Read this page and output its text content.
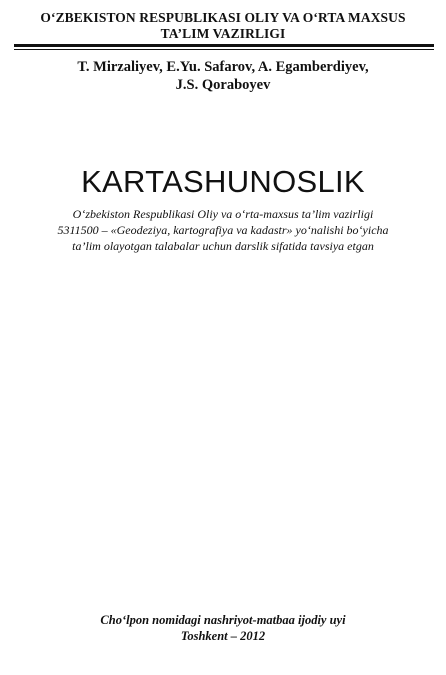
O‘ZBEKISTON RESPUBLIKASI OLIY VA O‘RTA MAXSUS
TA’LIM VAZIRLIGI
T. Mirzaliyev, E.Yu. Safarov, A. Egamberdiyev,
J.S. Qoraboyev
KARTASHUNOSLIK
O‘zbekiston Respublikasi Oliy va o‘rta-maxsus ta’lim vazirligi
5311500 – «Geodeziya, kartografiya va kadastr» yo‘nalishi bo‘yicha
ta’lim olayotgan talabalar uchun darslik sifatida tavsiya etgan
Cho‘lpon nomidagi nashriyot-matbaa ijodiy uyi
Toshkent – 2012
